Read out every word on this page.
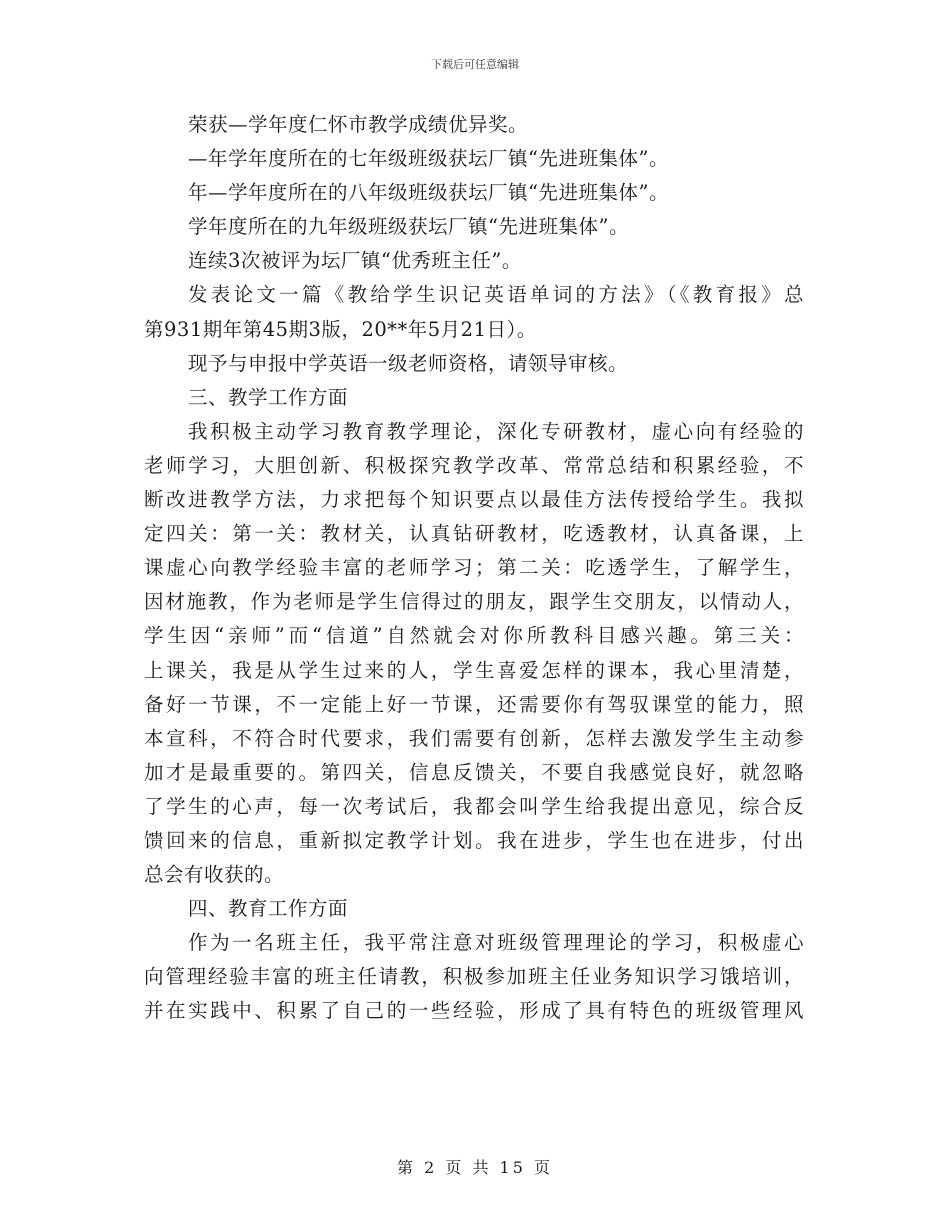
下载后可任意编辑
荣获—学年度仁怀市教学成绩优异奖。
—年学年度所在的七年级班级获坛厂镇“先进班集体”。
年—学年度所在的八年级班级获坛厂镇“先进班集体”。
学年度所在的九年级班级获坛厂镇“先进班集体”。
连续3次被评为坛厂镇“优秀班主任”。
发表论文一篇《教给学生识记英语单词的方法》（《教育报》总
第931期年第45期3版，20**年5月21日）。
现予与申报中学英语一级老师资格，请领导审核。
三、教学工作方面
我积极主动学习教育教学理论，深化专研教材，虚心向有经验的
老师学习，大胆创新、积极探究教学改革、常常总结和积累经验，不
断改进教学方法，力求把每个知识要点以最佳方法传授给学生。我拟
定四关：第一关：教材关，认真钻研教材，吃透教材，认真备课，上
课虚心向教学经验丰富的老师学习；第二关：吃透学生，了解学生，
因材施教，作为老师是学生信得过的朋友，跟学生交朋友，以情动人，
学生因“亲师”而“信道”自然就会对你所教科目感兴趣。第三关：
上课关，我是从学生过来的人，学生喜爱怎样的课本，我心里清楚，
备好一节课，不一定能上好一节课，还需要你有驾驭课堂的能力，照
本宣科，不符合时代要求，我们需要有创新，怎样去激发学生主动参
加才是最重要的。第四关，信息反馈关，不要自我感觉良好，就忽略
了学生的心声，每一次考试后，我都会叫学生给我提出意见，综合反
馈回来的信息，重新拟定教学计划。我在进步，学生也在进步，付出
总会有收获的。
四、教育工作方面
作为一名班主任，我平常注意对班级管理理论的学习，积极虚心
向管理经验丰富的班主任请教，积极参加班主任业务知识学习饿培训，
并在实践中、积累了自己的一些经验，形成了具有特色的班级管理风
第 2 页 共 15 页
